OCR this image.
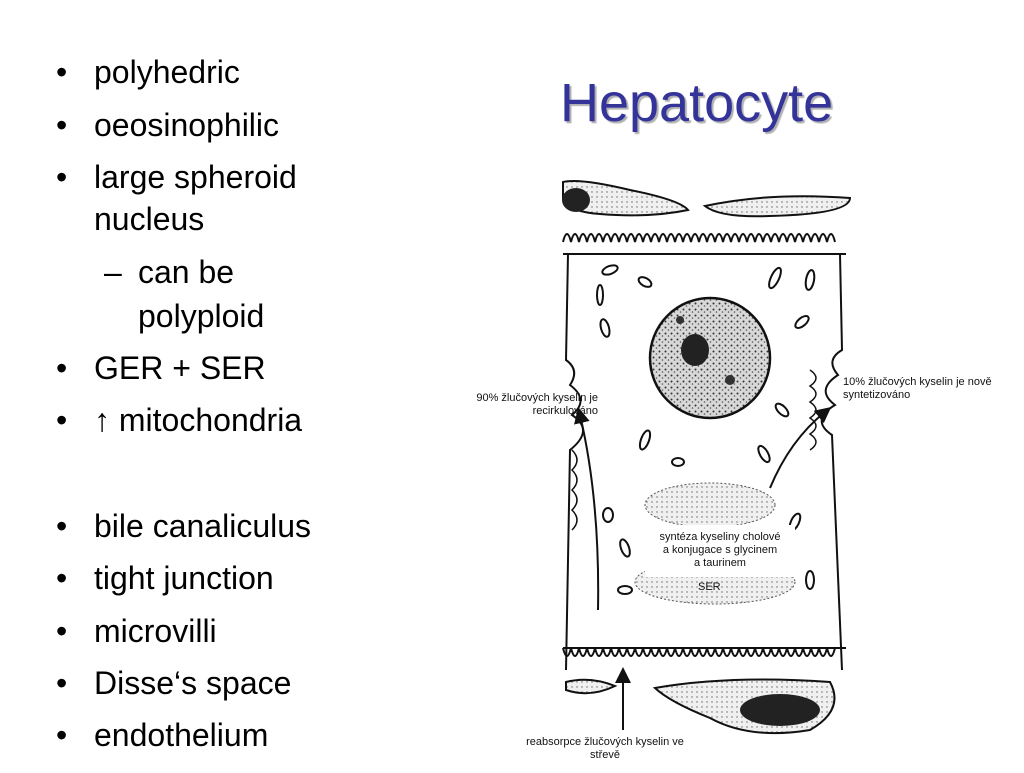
• polyhedric
• oeosinophilic
• large spheroid
nucleus
– can be
polyploid
• GER + SER
• ↑ mitochondria
• bile canaliculus
• tight junction
• microvilli
• Disse‘s space
• endothelium
Hepatocyte
90% žlučových kyselin je
recirkulováno
10% žlučových kyselin je nově
syntetizováno
syntéza kyseliny cholové
a konjugace s glycinem
a taurinem
SER
reabsorpce žlučových kyselin ve
střevě
